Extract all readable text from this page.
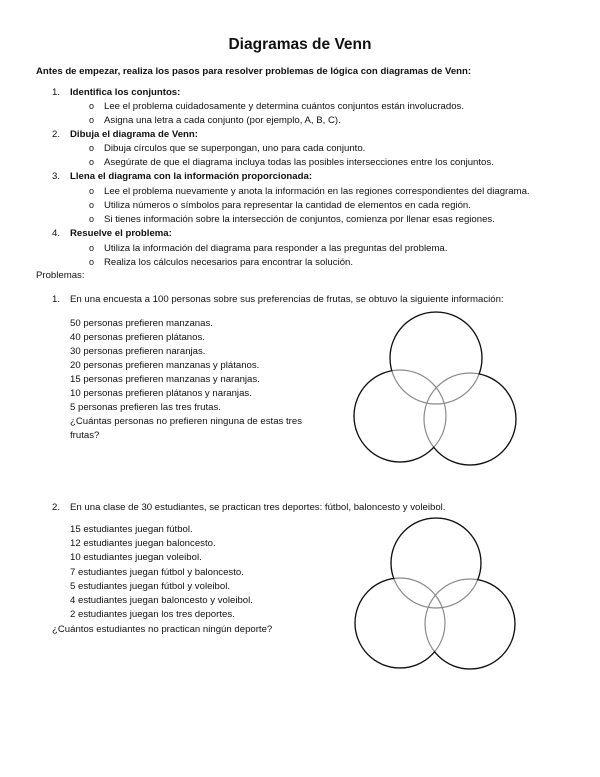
Diagramas de Venn
Antes de empezar, realiza los pasos para resolver problemas de lógica con diagramas de Venn:
1. Identifica los conjuntos:
o Lee el problema cuidadosamente y determina cuántos conjuntos están involucrados.
o Asigna una letra a cada conjunto (por ejemplo, A, B, C).
2. Dibuja el diagrama de Venn:
o Dibuja círculos que se superpongan, uno para cada conjunto.
o Asegúrate de que el diagrama incluya todas las posibles intersecciones entre los conjuntos.
3. Llena el diagrama con la información proporcionada:
o Lee el problema nuevamente y anota la información en las regiones correspondientes del diagrama.
o Utiliza números o símbolos para representar la cantidad de elementos en cada región.
o Si tienes información sobre la intersección de conjuntos, comienza por llenar esas regiones.
4. Resuelve el problema:
o Utiliza la información del diagrama para responder a las preguntas del problema.
o Realiza los cálculos necesarios para encontrar la solución.
Problemas:
1. En una encuesta a 100 personas sobre sus preferencias de frutas, se obtuvo la siguiente información:
50 personas prefieren manzanas.
40 personas prefieren plátanos.
30 personas prefieren naranjas.
20 personas prefieren manzanas y plátanos.
15 personas prefieren manzanas y naranjas.
10 personas prefieren plátanos y naranjas.
5 personas prefieren las tres frutas.
¿Cuántas personas no prefieren ninguna de estas tres
frutas?
2. En una clase de 30 estudiantes, se practican tres deportes: fútbol, baloncesto y voleibol.
15 estudiantes juegan fútbol.
12 estudiantes juegan baloncesto.
10 estudiantes juegan voleibol.
7 estudiantes juegan fútbol y baloncesto.
5 estudiantes juegan fútbol y voleibol.
4 estudiantes juegan baloncesto y voleibol.
2 estudiantes juegan los tres deportes.
¿Cuántos estudiantes no practican ningún deporte?
